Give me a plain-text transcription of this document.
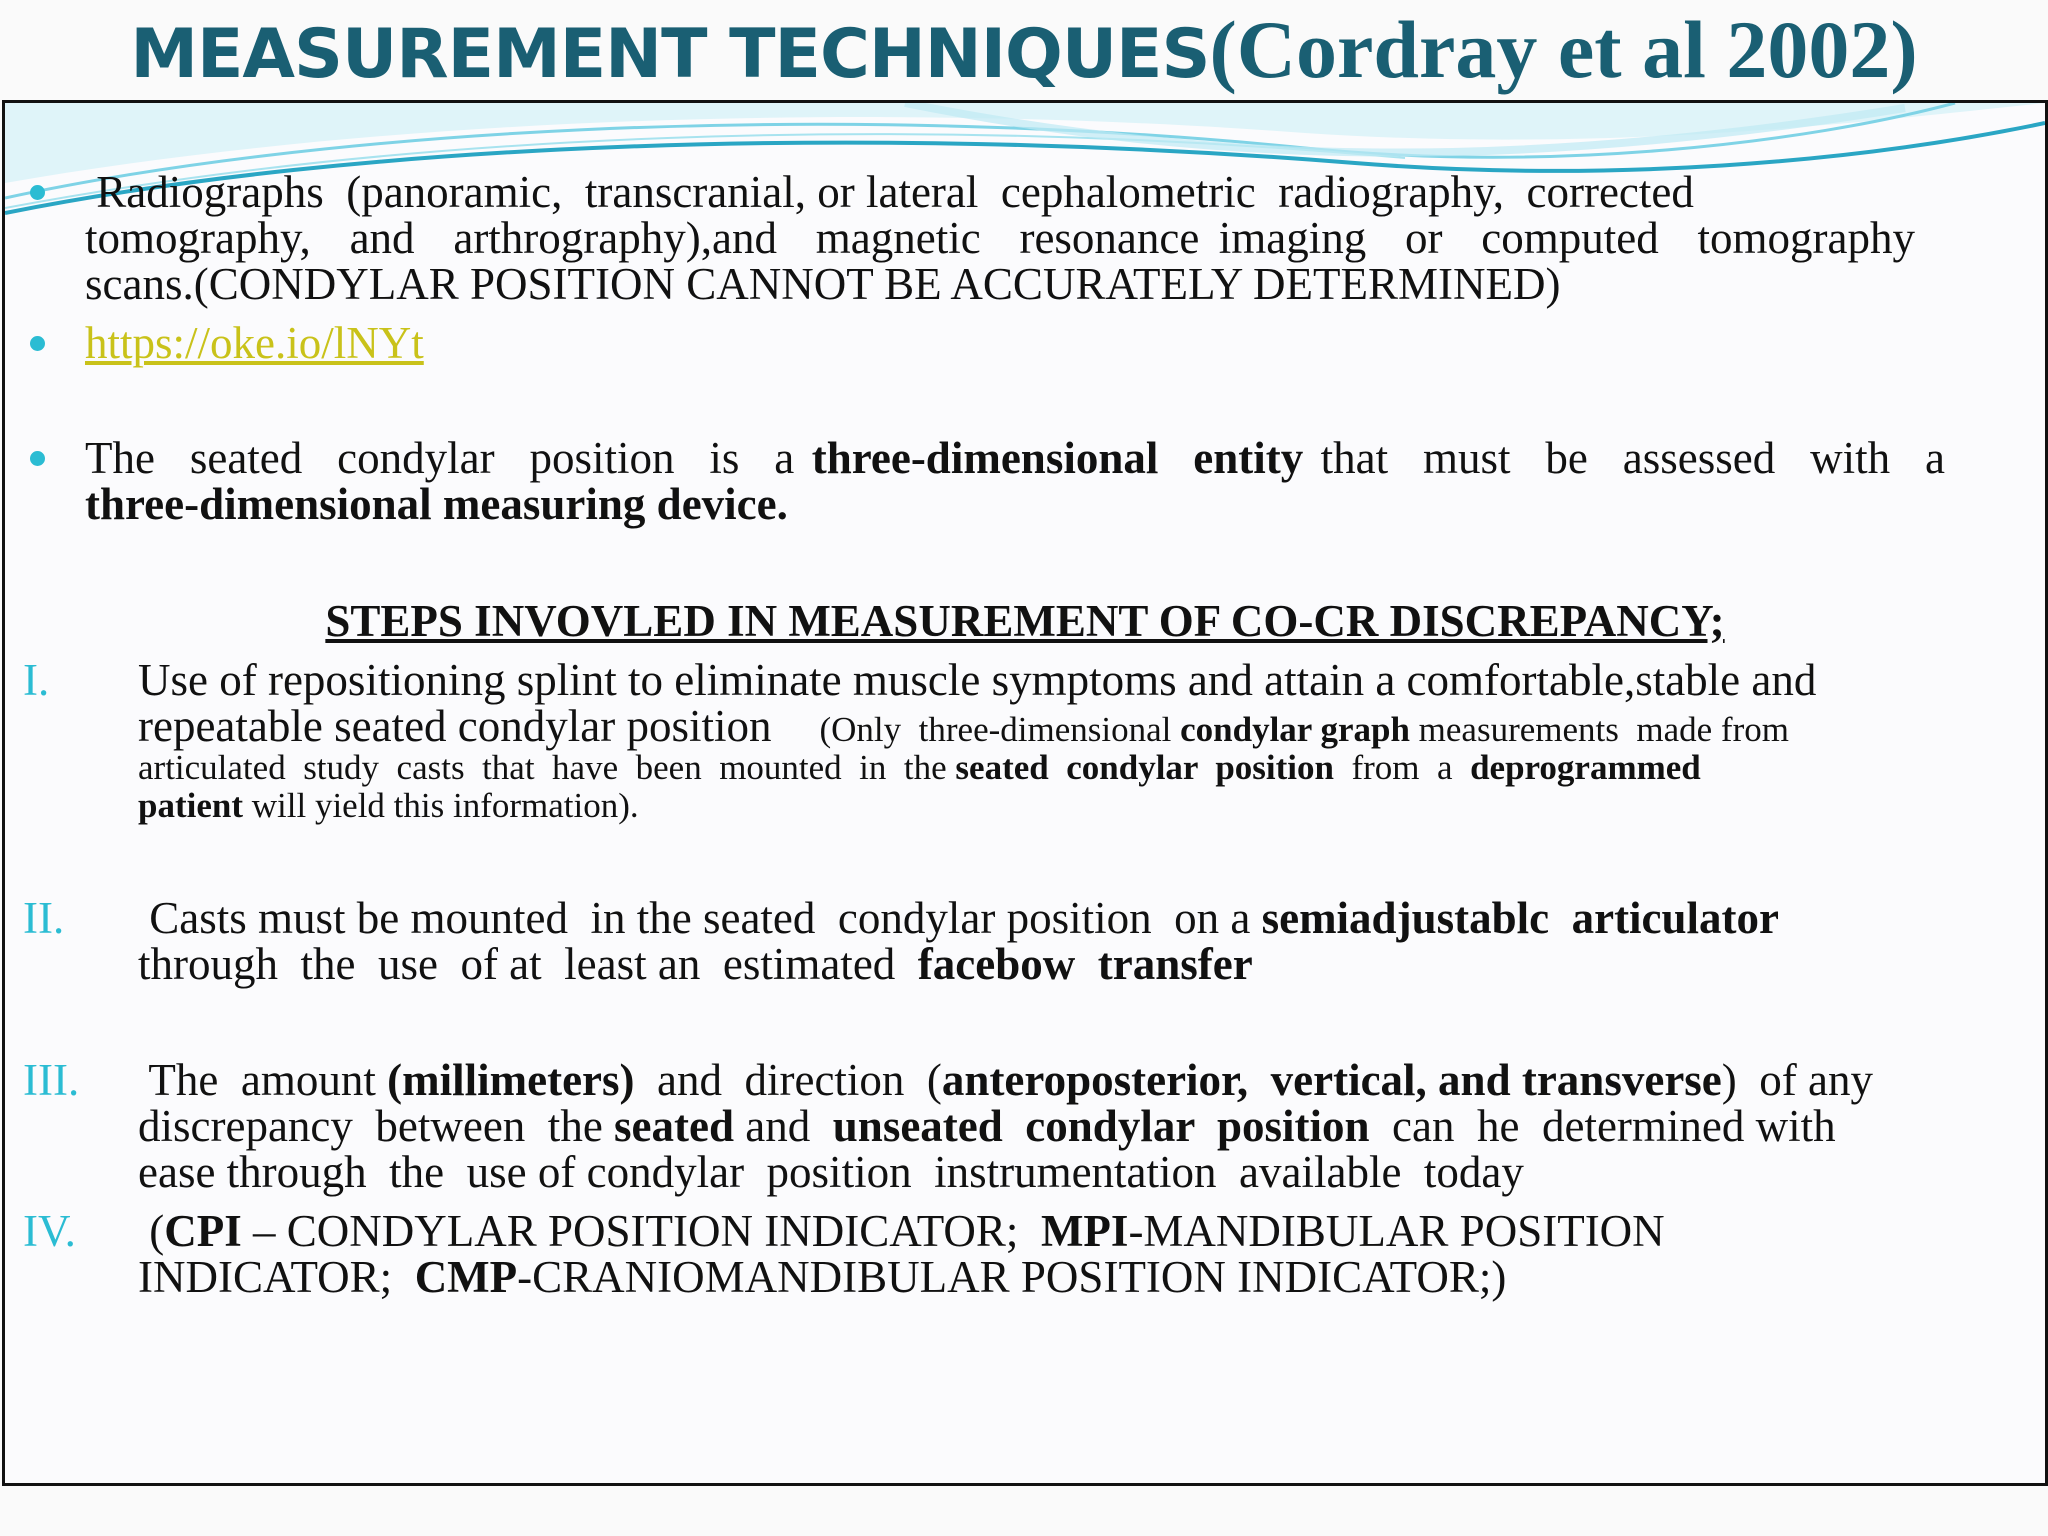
MEASUREMENT TECHNIQUES(Cordray et al 2002)
Radiographs  (panoramic,  transcranial, or lateral  cephalometric  radiography,  corrected
tomography,  and  arthrography),and  magnetic  resonance imaging  or  computed  tomography
scans.(CONDYLAR POSITION CANNOT BE ACCURATELY DETERMINED)
https://oke.io/lNYt
The  seated  condylar  position  is  a three-dimensional  entity that  must  be  assessed  with  a
three-dimensional measuring device.
STEPS INVOVLED IN MEASUREMENT OF CO-CR DISCREPANCY;
I. Use of repositioning splint to eliminate muscle symptoms and attain a comfortable,stable and
repeatable seated condylar position (Only  three-dimensional condylar graph measurements  made from
articulated  study  casts  that  have  been  mounted  in  the seated  condylar  position  from  a  deprogrammed
patient will yield this information).
II. Casts must be mounted  in the seated  condylar position  on a semiadjustablc  articulator
through  the  use  of at  least an  estimated  facebow  transfer
III. The  amount (millimeters)  and  direction  (anteroposterior,  vertical, and transverse)  of any
discrepancy  between  the seated and  unseated  condylar  position  can  he  determined with
ease through  the  use of condylar  position  instrumentation  available  today
IV. (CPI – CONDYLAR POSITION INDICATOR;  MPI-MANDIBULAR POSITION
INDICATOR;  CMP-CRANIOMANDIBULAR POSITION INDICATOR;)
